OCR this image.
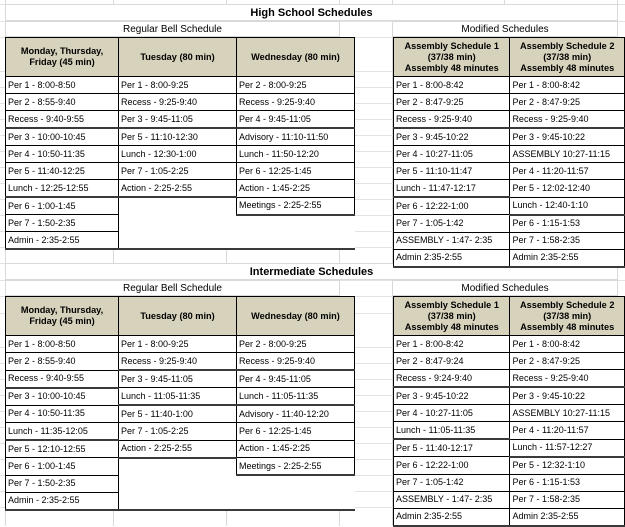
High School Schedules
Regular Bell Schedule	Modified Schedules
Monday, Thursday, Friday (45 min)	Tuesday (80 min)	Wednesday (80 min)
Per 1 - 8:00-8:50	Per 1 - 8:00-9:25	Per 2 - 8:00-9:25
Per 2 - 8:55-9:40	Recess - 9:25-9:40	Recess - 9:25-9:40
Recess - 9:40-9:55	Per 3 - 9:45-11:05	Per 4 - 9:45-11:05
Per 3 - 10:00-10:45	Per 5 - 11:10-12:30	Advisory - 11:10-11:50
Per 4 - 10:50-11:35	Lunch - 12:30-1:00	Lunch - 11:50-12:20
Per 5 - 11:40-12:25	Per 7 - 1:05-2:25	Per 6 - 12:25-1:45
Lunch - 12:25-12:55	Action - 2:25-2:55	Action - 1:45-2:25
Per 6 - 1:00-1:45		Meetings - 2:25-2:55
Per 7 - 1:50-2:35		
Admin - 2:35-2:55		
Assembly Schedule 1
(37/38 min)
Assembly 48 minutes

Assembly Schedule 2
(37/38 min)
Assembly 48 minutes

Per 1 - 8:00-8:42	Per 1 - 8:00-8:42
Per 2 - 8:47-9:25	Per 2 - 8:47-9:25
Recess - 9:25-9:40	Recess - 9:25-9:40
Per 3 - 9:45-10:22	Per 3 - 9:45-10:22
Per 4 - 10:27-11:05	ASSEMBLY 10:27-11:15
Per 5 - 11:10-11:47	Per 4 - 11:20-11:57
Lunch - 11:47-12:17	Per 5 - 12:02-12:40
Per 6 - 12:22-1:00	Lunch - 12:40-1:10
Per 7 - 1:05-1:42	Per 6 - 1:15-1:53
ASSEMBLY - 1:47- 2:35	Per 7 - 1:58-2:35
Admin 2:35-2:55	Admin 2:35-2:55
Intermediate Schedules
Regular Bell Schedule	Modified Schedules
Monday, Thursday, Friday (45 min)	Tuesday (80 min)	Wednesday (80 min)
Per 1 - 8:00-8:50	Per 1 - 8:00-9:25	Per 2 - 8:00-9:25
Per 2 - 8:55-9:40	Recess - 9:25-9:40	Recess - 9:25-9:40
Recess - 9:40-9:55	Per 3 - 9:45-11:05	Per 4 - 9:45-11:05
Per 3 - 10:00-10:45	Lunch - 11:05-11:35	Lunch - 11:05-11:35
Per 4 - 10:50-11:35	Per 5 - 11:40-1:00	Advisory - 11:40-12:20
Lunch - 11:35-12:05	Per 7 - 1:05-2:25	Per 6 - 12:25-1:45
Per 5 - 12:10-12:55	Action - 2:25-2:55	Action - 1:45-2:25
Per 6 - 1:00-1:45		Meetings - 2:25-2:55
Per 7 - 1:50-2:35		
Admin - 2:35-2:55		
Assembly Schedule 1
(37/38 min)
Assembly 48 minutes

Assembly Schedule 2
(37/38 min)
Assembly 48 minutes

Per 1 - 8:00-8:42	Per 1 - 8:00-8:42
Per 2 - 8:47-9:24	Per 2 - 8:47-9:25
Recess - 9:24-9:40	Recess - 9:25-9:40
Per 3 - 9:45-10:22	Per 3 - 9:45-10:22
Per 4 - 10:27-11:05	ASSEMBLY 10:27-11:15
Lunch - 11:05-11:35	Per 4 - 11:20-11:57
Per 5 - 11:40-12:17	Lunch - 11:57-12:27
Per 6 - 12:22-1:00	Per 5 - 12:32-1:10
Per 7 - 1:05-1:42	Per 6 - 1:15-1:53
ASSEMBLY - 1:47- 2:35	Per 7 - 1:58-2:35
Admin 2:35-2:55	Admin 2:35-2:55
